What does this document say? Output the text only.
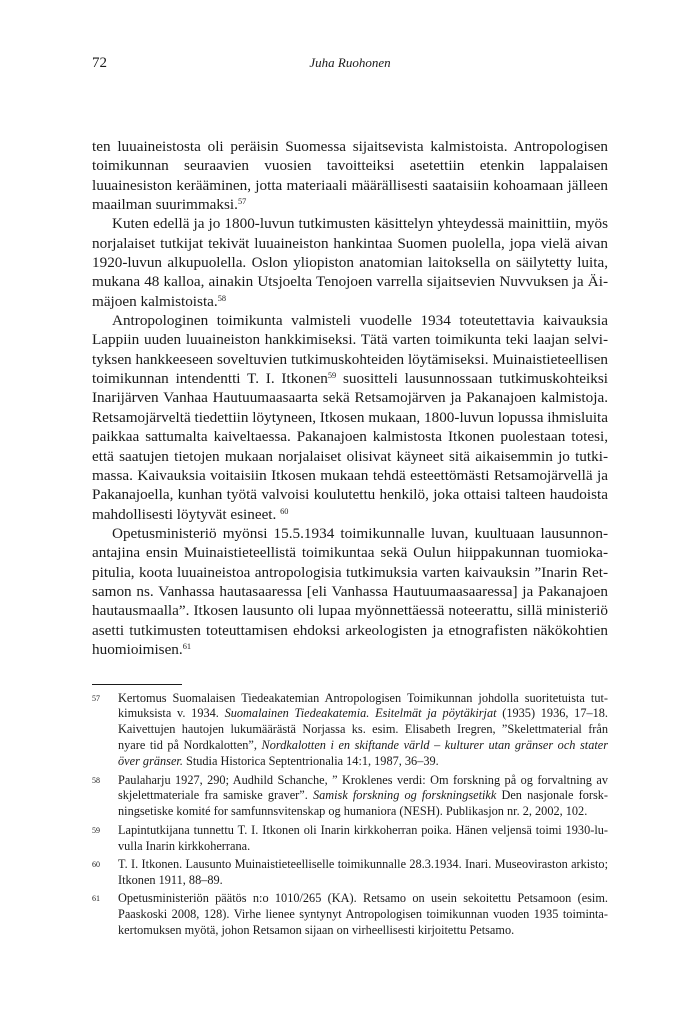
72	Juha Ruohonen

ten luuaineistosta oli peräisin Suomessa sijaitsevista kalmistoista. Antropologisen toimikunnan seuraavien vuosien tavoitteiksi asetettiin etenkin lappalaisen luuainesiston kerääminen, jotta materiaali määrällisesti saataisiin kohoamaan jälleen maailman suurimmaksi.$^{57}$

Kuten edellä ja jo 1800-luvun tutkimusten käsittelyn yhteydessä mainittiin, myös norjalaiset tutkijat tekivät luuaineiston hankintaa Suomen puolella, jopa vielä aivan 1920-luvun alkupuolella. Oslon yliopiston anatomian laitoksella on säilytetty luita, mukana 48 kalloa, ainakin Utsjoelta Tenojoen varrella sijaitsevien Nuvvuksen ja Äimäjoen kalmistoista.$^{58}$

Antropologinen toimikunta valmisteli vuodelle 1934 toteutettavia kaivauksia Lappiin uuden luuaineiston hankkimiseksi. Tätä varten toimikunta teki laajan selvityksen hankkeeseen soveltuvien tutkimuskohteiden löytämiseksi. Muinaistieteellisen toimikunnan intendentti T. I. Itkonen$^{59}$ suositteli lausunnossaan tutkimuskohteiksi Inarijärven Vanhaa Hautuumaasaarta sekä Retsamojärven ja Pakanajoen kalmistoja. Retsamojärveltä tiedettiin löytyneen, Itkosen mukaan, 1800-luvun lopussa ihmisluita paikkaa sattumalta kaiveltaessa. Pakanajoen kalmistosta Itkonen puolestaan totesi, että saatujen tietojen mukaan norjalaiset olisivat käyneet sitä aikaisemmin jo tutkimassa. Kaivauksia voitaisiin Itkosen mukaan tehdä esteettömästi Retsamojärvellä ja Pakanajoella, kunhan työtä valvoisi koulutettu henkilö, joka ottaisi talteen haudoista mahdollisesti löytyvät esineet. $^{60}$

Opetusministeriö myönsi 15.5.1934 toimikunnalle luvan, kuultuaan lausunnonantajina ensin Muinaistieteellistä toimikuntaa sekä Oulun hiippakunnan tuomiokapitulia, koota luuaineistoa antropologisia tutkimuksia varten kaivauksin ”Inarin Retsamon ns. Vanhassa hautasaaressa [eli Vanhassa Hautuumaasaaressa] ja Pakanajoen hautausmaalla”. Itkosen lausunto oli lupaa myönnettäessä noteerattu, sillä ministeriö asetti tutkimusten toteuttamisen ehdoksi arkeologisten ja etnografisten näkökohtien huomioimisen.$^{61}$

57	Kertomus Suomalaisen Tiedeakatemian Antropologisen Toimikunnan johdolla suoritetuista tutkimuksista v. 1934. Suomalainen Tiedeakatemia. Esitelmät ja pöytäkirjat (1935) 1936, 17–18. Kaivettujen hautojen lukumäärästä Norjassa ks. esim. Elisabeth Iregren, ”Skelettmaterial från nyare tid på Nordkalotten”, Nordkalotten i en skiftande värld – kulturer utan gränser och stater över gränser. Studia Historica Septentrionalia 14:1, 1987, 36–39.
58	Paulaharju 1927, 290; Audhild Schanche, ” Kroklenes verdi: Om forskning på og forvaltning av skjelettmateriale fra samiske graver”. Samisk forskning og forskningsetikk Den nasjonale forskningsetiske komité for samfunnsvitenskap og humaniora (NESH). Publikasjon nr. 2, 2002, 102.
59	Lapintutkijana tunnettu T. I. Itkonen oli Inarin kirkkoherran poika. Hänen veljensä toimi 1930-luvulla Inarin kirkkoherrana.
60	T. I. Itkonen. Lausunto Muinaistieteelliselle toimikunnalle 28.3.1934. Inari. Museoviraston arkisto; Itkonen 1911, 88–89.
61	Opetusministeriön päätös n:o 1010/265 (KA). Retsamo on usein sekoitettu Petsamoon (esim. Paaskoski 2008, 128). Virhe lienee syntynyt Antropologisen toimikunnan vuoden 1935 toimintakertomuksen myötä, johon Retsamon sijaan on virheellisesti kirjoitettu Petsamo.
